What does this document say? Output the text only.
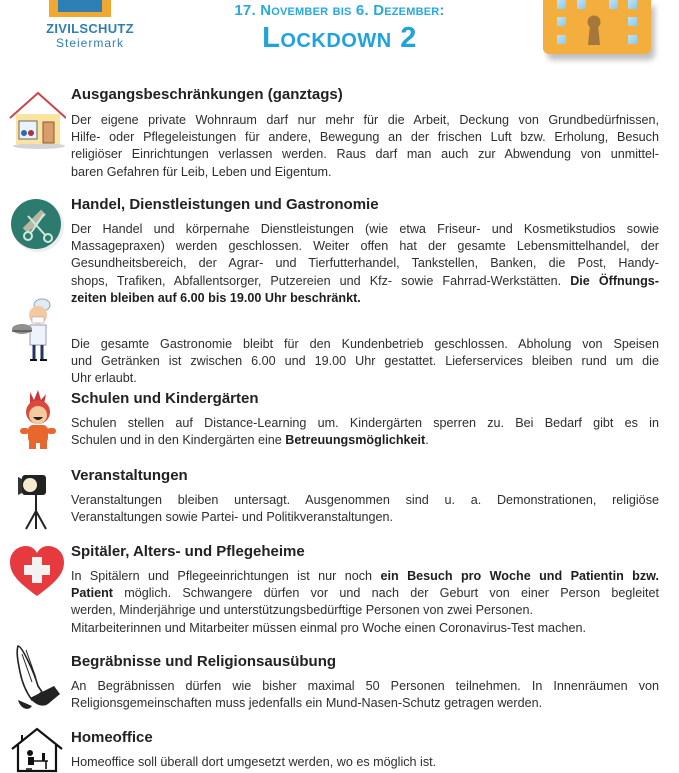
ZIVILSCHUTZ
Steiermark
17. November bis 6. Dezember:
Lockdown 2
Ausgangsbeschränkungen (ganztags)
Der eigene private Wohnraum darf nur mehr für die Arbeit, Deckung von Grundbedürfnissen,
Hilfe- oder Pflegeleistungen für andere, Bewegung an der frischen Luft bzw. Erholung, Besuch
religiöser Einrichtungen verlassen werden. Raus darf man auch zur Abwendung von unmittel-
baren Gefahren für Leib, Leben und Eigentum.
Handel, Dienstleistungen und Gastronomie
Der Handel und körpernahe Dienstleistungen (wie etwa Friseur- und Kosmetikstudios sowie
Massagepraxen) werden geschlossen. Weiter offen hat der gesamte Lebensmittelhandel, der
Gesundheitsbereich, der Agrar- und Tierfutterhandel, Tankstellen, Banken, die Post, Handy-
shops, Trafiken, Abfallentsorger, Putzereien und Kfz- sowie Fahrrad-Werkstätten. Die Öffnungs-
zeiten bleiben auf 6.00 bis 19.00 Uhr beschränkt.
Die gesamte Gastronomie bleibt für den Kundenbetrieb geschlossen. Abholung von Speisen
und Getränken ist zwischen 6.00 und 19.00 Uhr gestattet. Lieferservices bleiben rund um die
Uhr erlaubt.
Schulen und Kindergärten
Schulen stellen auf Distance-Learning um. Kindergärten sperren zu. Bei Bedarf gibt es in
Schulen und in den Kindergärten eine Betreuungsmöglichkeit.
Veranstaltungen
Veranstaltungen bleiben untersagt. Ausgenommen sind u. a. Demonstrationen, religiöse
Veranstaltungen sowie Partei- und Politikveranstaltungen.
Spitäler, Alters- und Pflegeheime
In Spitälern und Pflegeeinrichtungen ist nur noch ein Besuch pro Woche und Patientin bzw.
Patient möglich. Schwangere dürfen vor und nach der Geburt von einer Person begleitet
werden, Minderjährige und unterstützungsbedürftige Personen von zwei Personen.
Mitarbeiterinnen und Mitarbeiter müssen einmal pro Woche einen Coronavirus-Test machen.
Begräbnisse und Religionsausübung
An Begräbnissen dürfen wie bisher maximal 50 Personen teilnehmen. In Innenräumen von
Religionsgemeinschaften muss jedenfalls ein Mund-Nasen-Schutz getragen werden.
Homeoffice
Homeoffice soll überall dort umgesetzt werden, wo es möglich ist.
